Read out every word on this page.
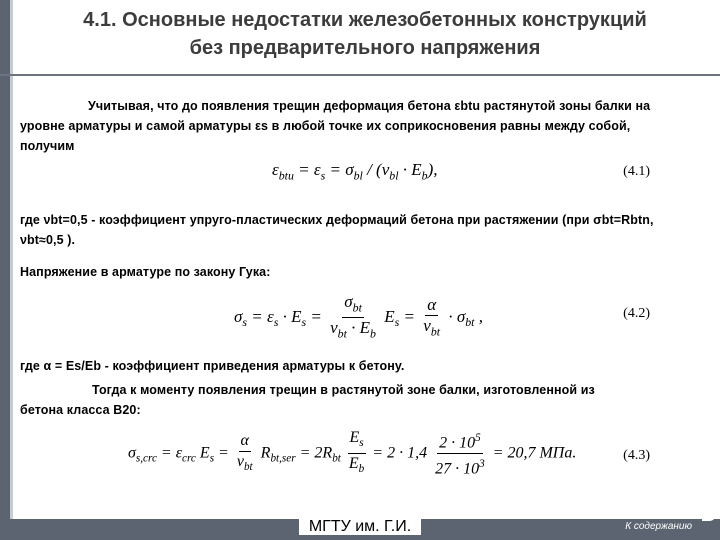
4.1. Основные недостатки железобетонных конструкций
без предварительного напряжения
Учитывая, что до появления трещин деформация бетона εbtu растянутой зоны балки на
уровне арматуры и самой арматуры εs в любой точке их соприкосновения равны между собой,
получим
$\varepsilon_{btu} = \varepsilon_s = \sigma_{bl} / (\nu_{bl} \cdot E_b)$,	(4.1)
где νbt=0,5 - коэффициент упруго-пластических деформаций бетона при растяжении (при σbt=Rbtn,
νbt≈0,5 ).
Напряжение в арматуре по закону Гука:
$\sigma_s = \varepsilon_s \cdot E_s = \frac{\sigma_{bt}}{\nu_{bt} \cdot E_b} E_s = \frac{\alpha}{\nu_{bt}} \cdot \sigma_{bt}$ ,	(4.2)
где α = Es/Eb - коэффициент приведения арматуры к бетону.
Тогда к моменту появления трещин в растянутой зоне балки, изготовленной из
бетона класса В20:
$\sigma_{s,crc} = \varepsilon_{crc}$ $E_s = \frac{\alpha}{\nu_{bt}} R_{bt,ser} = 2R_{bt} \frac{E_s}{E_b} = 2 \cdot 1,4 \frac{2 \cdot 10^5}{27 \cdot 10^3} = 20,7$ МПа.	(4.3)
МГТУ им. Г.И.	К содержанию
